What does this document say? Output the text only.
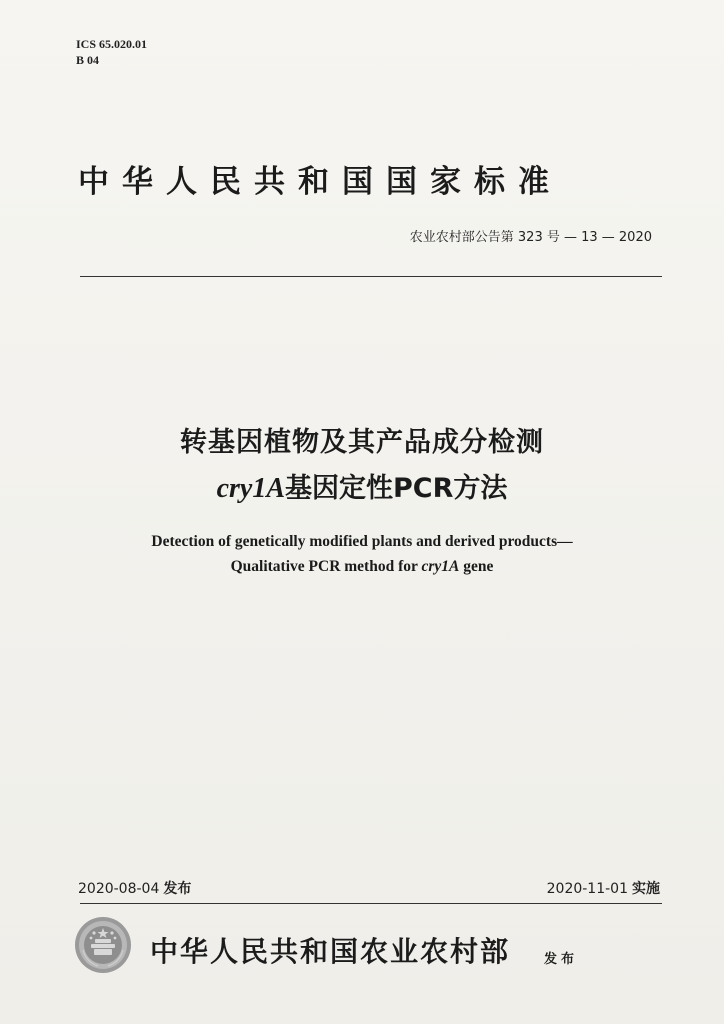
ICS 65.020.01
B 04
中华人民共和国国家标准
农业农村部公告第 323 号 — 13 — 2020
转基因植物及其产品成分检测
cry1A基因定性PCR方法
Detection of genetically modified plants and derived products—
Qualitative PCR method for cry1A gene
2020-08-04 发布	2020-11-01 实施
中华人民共和国农业农村部	发布
